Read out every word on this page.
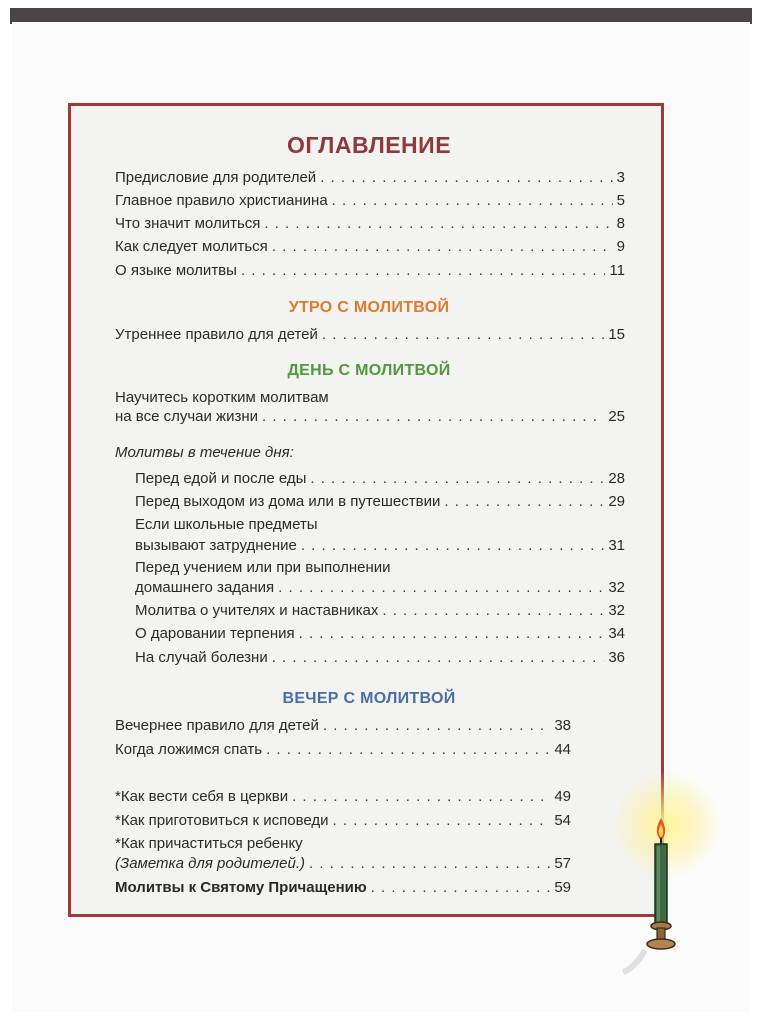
ОГЛАВЛЕНИЕ
Предисловие для родителей . . .	3
Главное правило христианина . . .	5
Что значит молиться . . .	8
Как следует молиться . . .	9
О языке молитвы . . .	11
УТРО С МОЛИТВОЙ
Утреннее правило для детей . . .	15
ДЕНЬ С МОЛИТВОЙ
Научитесь коротким молитвам
на все случаи жизни . . .	25
Молитвы в течение дня:
Перед едой и после еды . . .	28
Перед выходом из дома или в путешествии . . .	29
Если школьные предметы
вызывают затруднение . . .	31
Перед учением или при выполнении
домашнего задания . . .	32
Молитва о учителях и наставниках . . .	32
О даровании терпения . . .	34
На случай болезни . . .	36
ВЕЧЕР С МОЛИТВОЙ
Вечернее правило для детей . . .	38
Когда ложимся спать . . .	44
*Как вести себя в церкви . . .	49
*Как приготовиться к исповеди . . .	54
*Как причаститься ребенку
(Заметка для родителей.) . . .	57
Молитвы к Святому Причащению . . .	59
